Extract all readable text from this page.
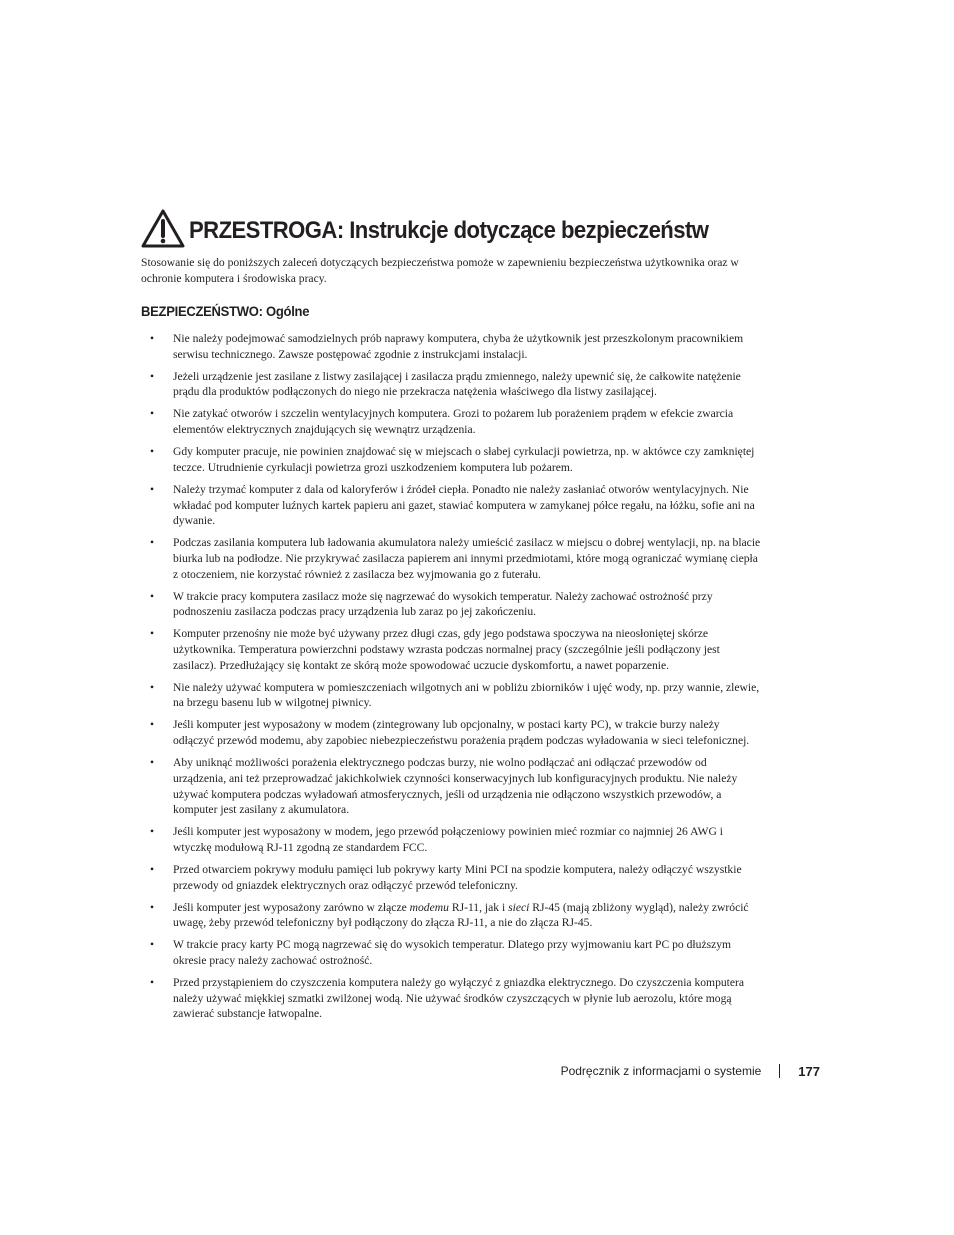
PRZESTROGA: Instrukcje dotyczące bezpieczeństw
Stosowanie się do poniższych zaleceń dotyczących bezpieczeństwa pomoże w zapewnieniu bezpieczeństwa użytkownika oraz w ochronie komputera i środowiska pracy.
BEZPIECZEŃSTWO: Ogólne
• Nie należy podejmować samodzielnych prób naprawy komputera, chyba że użytkownik jest przeszkolonym pracownikiem serwisu technicznego. Zawsze postępować zgodnie z instrukcjami instalacji.
• Jeżeli urządzenie jest zasilane z listwy zasilającej i zasilacza prądu zmiennego, należy upewnić się, że całkowite natężenie prądu dla produktów podłączonych do niego nie przekracza natężenia właściwego dla listwy zasilającej.
• Nie zatykać otworów i szczelin wentylacyjnych komputera. Grozi to pożarem lub porażeniem prądem w efekcie zwarcia elementów elektrycznych znajdujących się wewnątrz urządzenia.
• Gdy komputer pracuje, nie powinien znajdować się w miejscach o słabej cyrkulacji powietrza, np. w aktówce czy zamkniętej teczce. Utrudnienie cyrkulacji powietrza grozi uszkodzeniem komputera lub pożarem.
• Należy trzymać komputer z dala od kaloryferów i źródeł ciepła. Ponadto nie należy zasłaniać otworów wentylacyjnych. Nie wkładać pod komputer luźnych kartek papieru ani gazet, stawiać komputera w zamykanej półce regału, na łóżku, sofie ani na dywanie.
• Podczas zasilania komputera lub ładowania akumulatora należy umieścić zasilacz w miejscu o dobrej wentylacji, np. na blacie biurka lub na podłodze. Nie przykrywać zasilacza papierem ani innymi przedmiotami, które mogą ograniczać wymianę ciepła z otoczeniem, nie korzystać również z zasilacza bez wyjmowania go z futerału.
• W trakcie pracy komputera zasilacz może się nagrzewać do wysokich temperatur. Należy zachować ostrożność przy podnoszeniu zasilacza podczas pracy urządzenia lub zaraz po jej zakończeniu.
• Komputer przenośny nie może być używany przez długi czas, gdy jego podstawa spoczywa na nieosłoniętej skórze użytkownika. Temperatura powierzchni podstawy wzrasta podczas normalnej pracy (szczególnie jeśli podłączony jest zasilacz). Przedłużający się kontakt ze skórą może spowodować uczucie dyskomfortu, a nawet poparzenie.
• Nie należy używać komputera w pomieszczeniach wilgotnych ani w pobliżu zbiorników i ujęć wody, np. przy wannie, zlewie, na brzegu basenu lub w wilgotnej piwnicy.
• Jeśli komputer jest wyposażony w modem (zintegrowany lub opcjonalny, w postaci karty PC), w trakcie burzy należy odłączyć przewód modemu, aby zapobiec niebezpieczeństwu porażenia prądem podczas wyładowania w sieci telefonicznej.
• Aby uniknąć możliwości porażenia elektrycznego podczas burzy, nie wolno podłączać ani odłączać przewodów od urządzenia, ani też przeprowadzać jakichkolwiek czynności konserwacyjnych lub konfiguracyjnych produktu. Nie należy używać komputera podczas wyładowań atmosferycznych, jeśli od urządzenia nie odłączono wszystkich przewodów, a komputer jest zasilany z akumulatora.
• Jeśli komputer jest wyposażony w modem, jego przewód połączeniowy powinien mieć rozmiar co najmniej 26 AWG i wtyczkę modułową RJ-11 zgodną ze standardem FCC.
• Przed otwarciem pokrywy modułu pamięci lub pokrywy karty Mini PCI na spodzie komputera, należy odłączyć wszystkie przewody od gniazdek elektrycznych oraz odłączyć przewód telefoniczny.
• Jeśli komputer jest wyposażony zarówno w złącze modemu RJ-11, jak i sieci RJ-45 (mają zbliżony wygląd), należy zwrócić uwagę, żeby przewód telefoniczny był podłączony do złącza RJ-11, a nie do złącza RJ-45.
• W trakcie pracy karty PC mogą nagrzewać się do wysokich temperatur. Dlatego przy wyjmowaniu kart PC po dłuższym okresie pracy należy zachować ostrożność.
• Przed przystąpieniem do czyszczenia komputera należy go wyłączyć z gniazdka elektrycznego. Do czyszczenia komputera należy używać miękkiej szmatki zwilżonej wodą. Nie używać środków czyszczących w płynie lub aerozolu, które mogą zawierać substancje łatwopalne.
Podręcznik z informacjami o systemie	177
